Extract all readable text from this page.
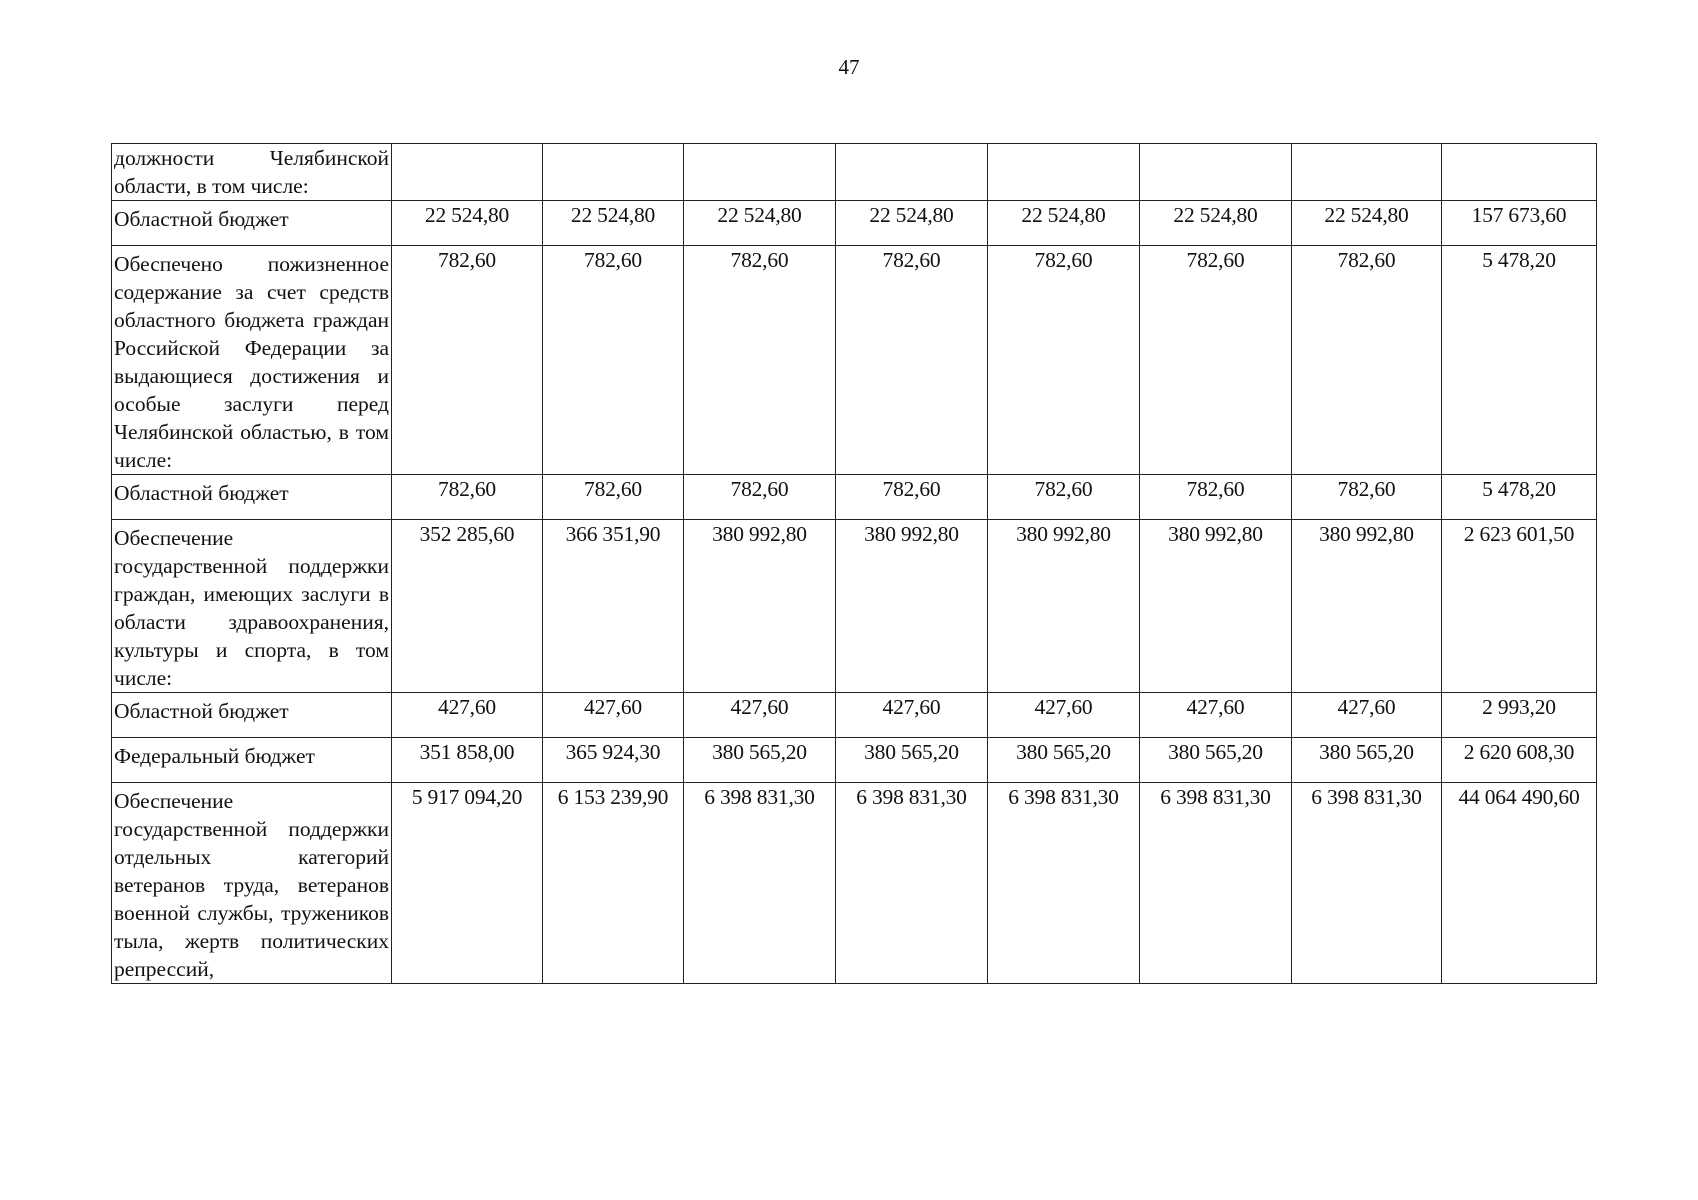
47
должности Челябинской области, в том числе:								
Областной бюджет	22 524,80	22 524,80	22 524,80	22 524,80	22 524,80	22 524,80	22 524,80	157 673,60
Обеспечено пожизненное содержание за счет средств областного бюджета граждан Российской Федерации за выдающиеся достижения и особые заслуги перед Челябинской областью, в том числе:	782,60	782,60	782,60	782,60	782,60	782,60	782,60	5 478,20
Областной бюджет	782,60	782,60	782,60	782,60	782,60	782,60	782,60	5 478,20
Обеспечение государственной поддержки граждан, имеющих заслуги в области здравоохранения, культуры и спорта, в том числе:	352 285,60	366 351,90	380 992,80	380 992,80	380 992,80	380 992,80	380 992,80	2 623 601,50
Областной бюджет	427,60	427,60	427,60	427,60	427,60	427,60	427,60	2 993,20
Федеральный бюджет	351 858,00	365 924,30	380 565,20	380 565,20	380 565,20	380 565,20	380 565,20	2 620 608,30
Обеспечение государственной поддержки отдельных категорий ветеранов труда, ветеранов военной службы, тружеников тыла, жертв политических репрессий,	5 917 094,20	6 153 239,90	6 398 831,30	6 398 831,30	6 398 831,30	6 398 831,30	6 398 831,30	44 064 490,60
